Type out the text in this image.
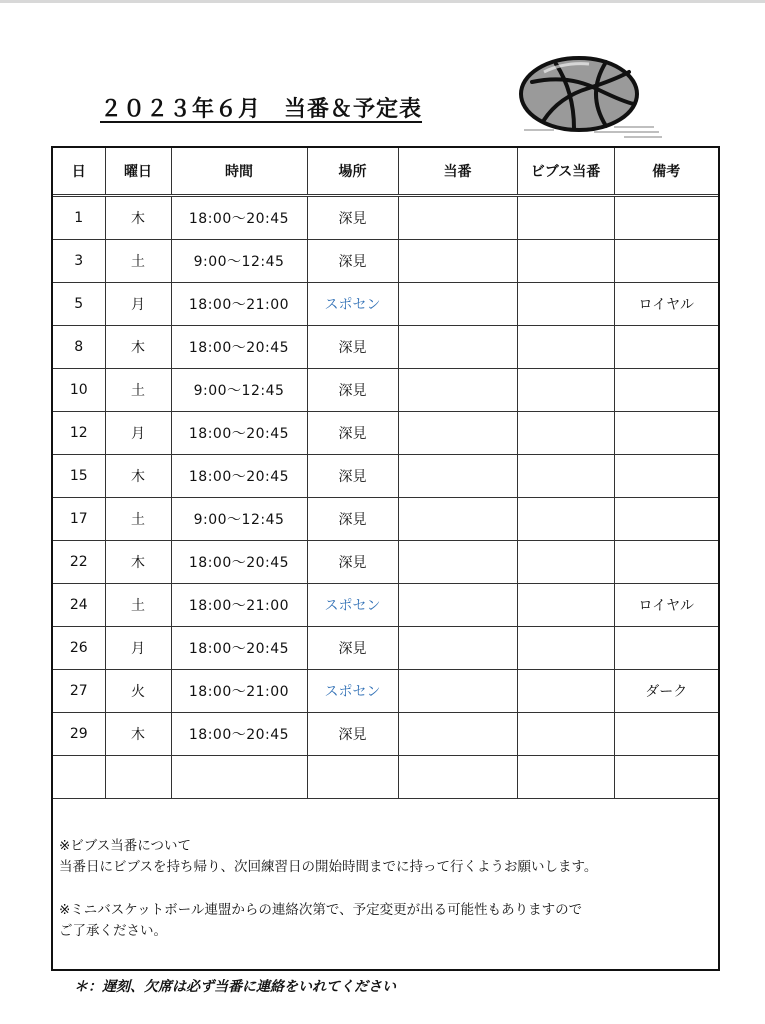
２０２３年６月　当番＆予定表
日	曜日	時間	場所	当番	ビブス当番	備考
1	木	18:00～20:45	深見			
3	土	9:00～12:45	深見			
5	月	18:00～21:00	スポセン			ロイヤル
8	木	18:00～20:45	深見			
10	土	9:00～12:45	深見			
12	月	18:00～20:45	深見			
15	木	18:00～20:45	深見			
17	土	9:00～12:45	深見			
22	木	18:00～20:45	深見			
24	土	18:00～21:00	スポセン			ロイヤル
26	月	18:00～20:45	深見			
27	火	18:00～21:00	スポセン			ダーク
29	木	18:00～20:45	深見			

※ビブス当番について

当番日にビブスを持ち帰り、次回練習日の開始時間までに持って行くようお願いします。

※ミニバスケットボール連盟からの連絡次第で、予定変更が出る可能性もありますので

ご了承ください。

＊：遅刻、欠席は必ず当番に連絡をいれてください
